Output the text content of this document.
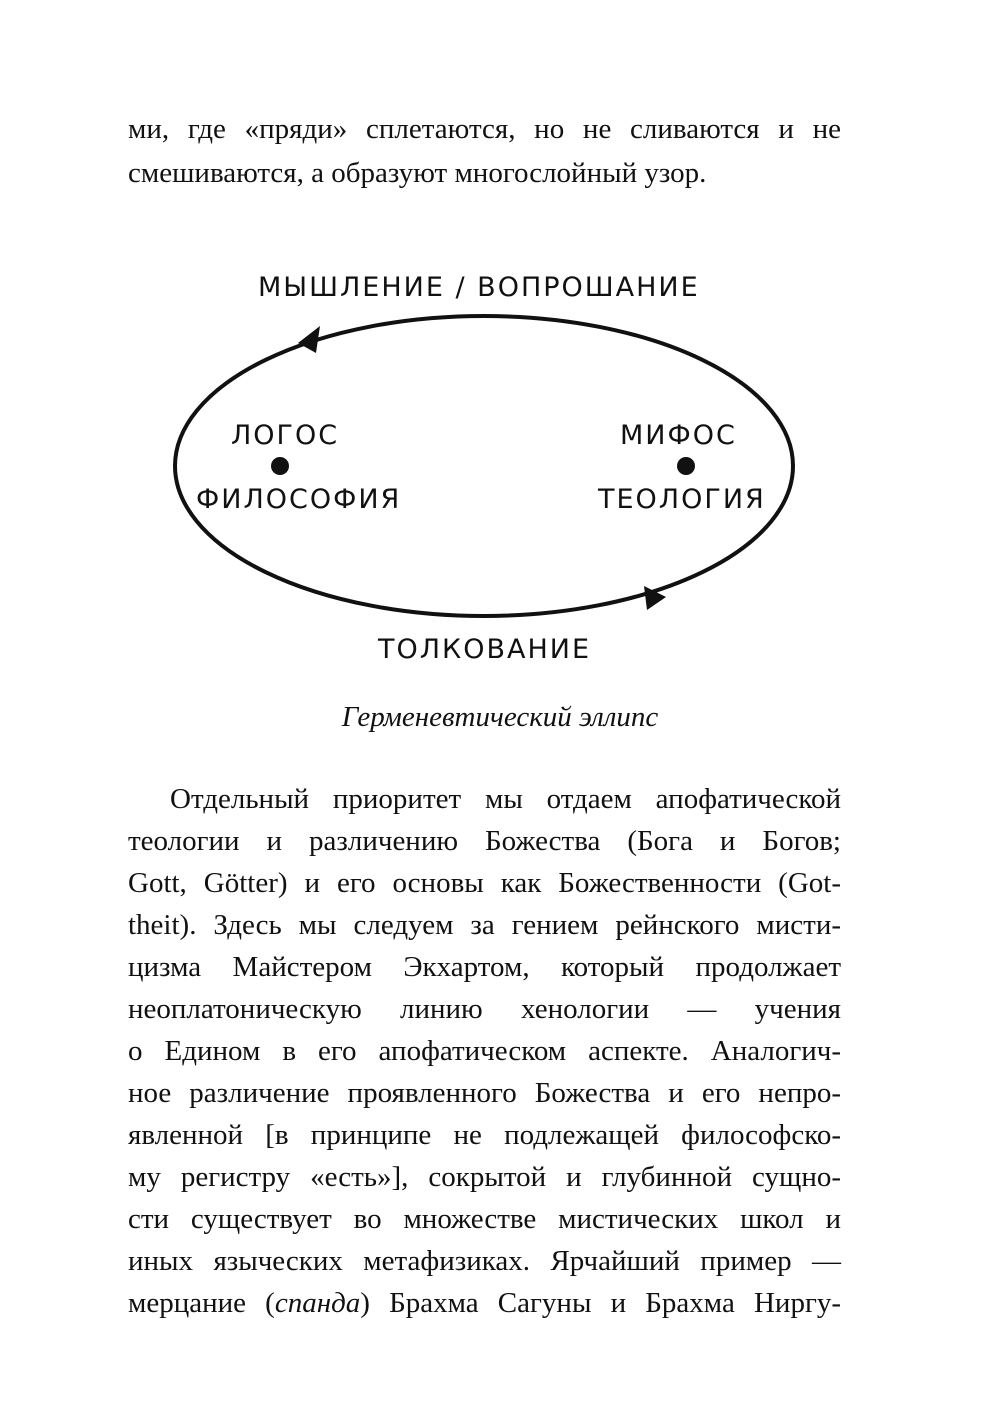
ми, где «пряди» сплетаются, но не сливаются и не
смешиваются, а образуют многослойный узор.
МЫШЛЕНИЕ / ВОПРОШАНИЕ
ЛОГОС
ФИЛОСОФИЯ
МИФОС
ТЕОЛОГИЯ
ТОЛКОВАНИЕ
Герменевтический эллипс
Отдельный приоритет мы отдаем апофатической
теологии и различению Божества (Бога и Богов;
Gott, Götter) и его основы как Божественности (Got-
theit). Здесь мы следуем за гением рейнского мисти-
цизма Майстером Экхартом, который продолжает
неоплатоническую линию хенологии — учения
о Едином в его апофатическом аспекте. Аналогич-
ное различение проявленного Божества и его непро-
явленной [в принципе не подлежащей философско-
му регистру «есть»], сокрытой и глубинной сущно-
сти существует во множестве мистических школ и
иных языческих метафизиках. Ярчайший пример —
мерцание (спанда) Брахма Сагуны и Брахма Ниргу-
